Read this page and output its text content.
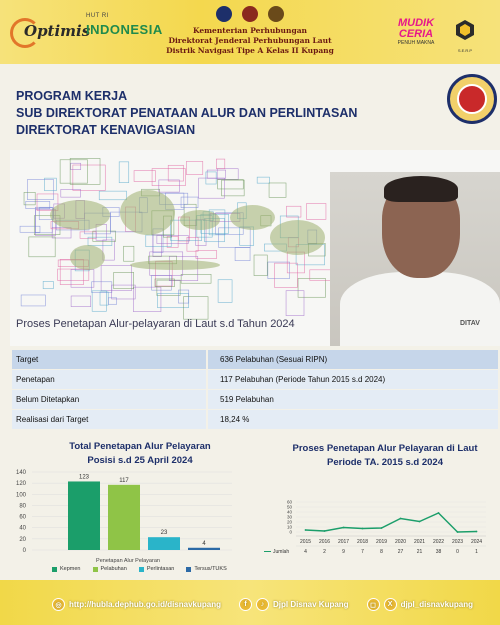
Optimis
HUT RI
INDONESIA	Kementerian Perhubungan
Direktorat Jenderal Perhubungan Laut
Distrik Navigasi Tipe A Kelas II Kupang
MUDIK CERIA
PENUH MAKNA
S.E.R.P
PROGRAM KERJA
SUB DIREKTORAT PENATAAN ALUR DAN PERLINTASAN
DIREKTORAT KENAVIGASIAN
DITAV
Proses Penetapan Alur-pelayaran di Laut s.d Tahun 2024
Target	636 Pelabuhan (Sesuai RIPN)
Penetapan	117 Pelabuhan (Periode Tahun 2015 s.d 2024)
Belum Ditetapkan	519 Pelabuhan
Realisasi dari Target	18,24 %
Total Penetapan Alur Pelayaran
Posisi s.d 25 April 2024
0
20
40
60
80
100
120
140
123
117
23
4
Penetapan Alur Pelayaran
Kepmen	Pelabuhan	Perlintasan	Tersus/TUKS
Proses Penetapan Alur Pelayaran di Laut
Periode TA. 2015 s.d 2024
0
10
20
30
40
50
60
2015
4
2016
2
2017
9
2018
7
2019
8
2020
27
2021
21
2022
38
2023
0
2024
1
Jumlah
◎ http://hubla.dephub.go.id/disnavkupang	f	♪	Djpl Disnav Kupang	◻	X	djpl_disnavkupang
